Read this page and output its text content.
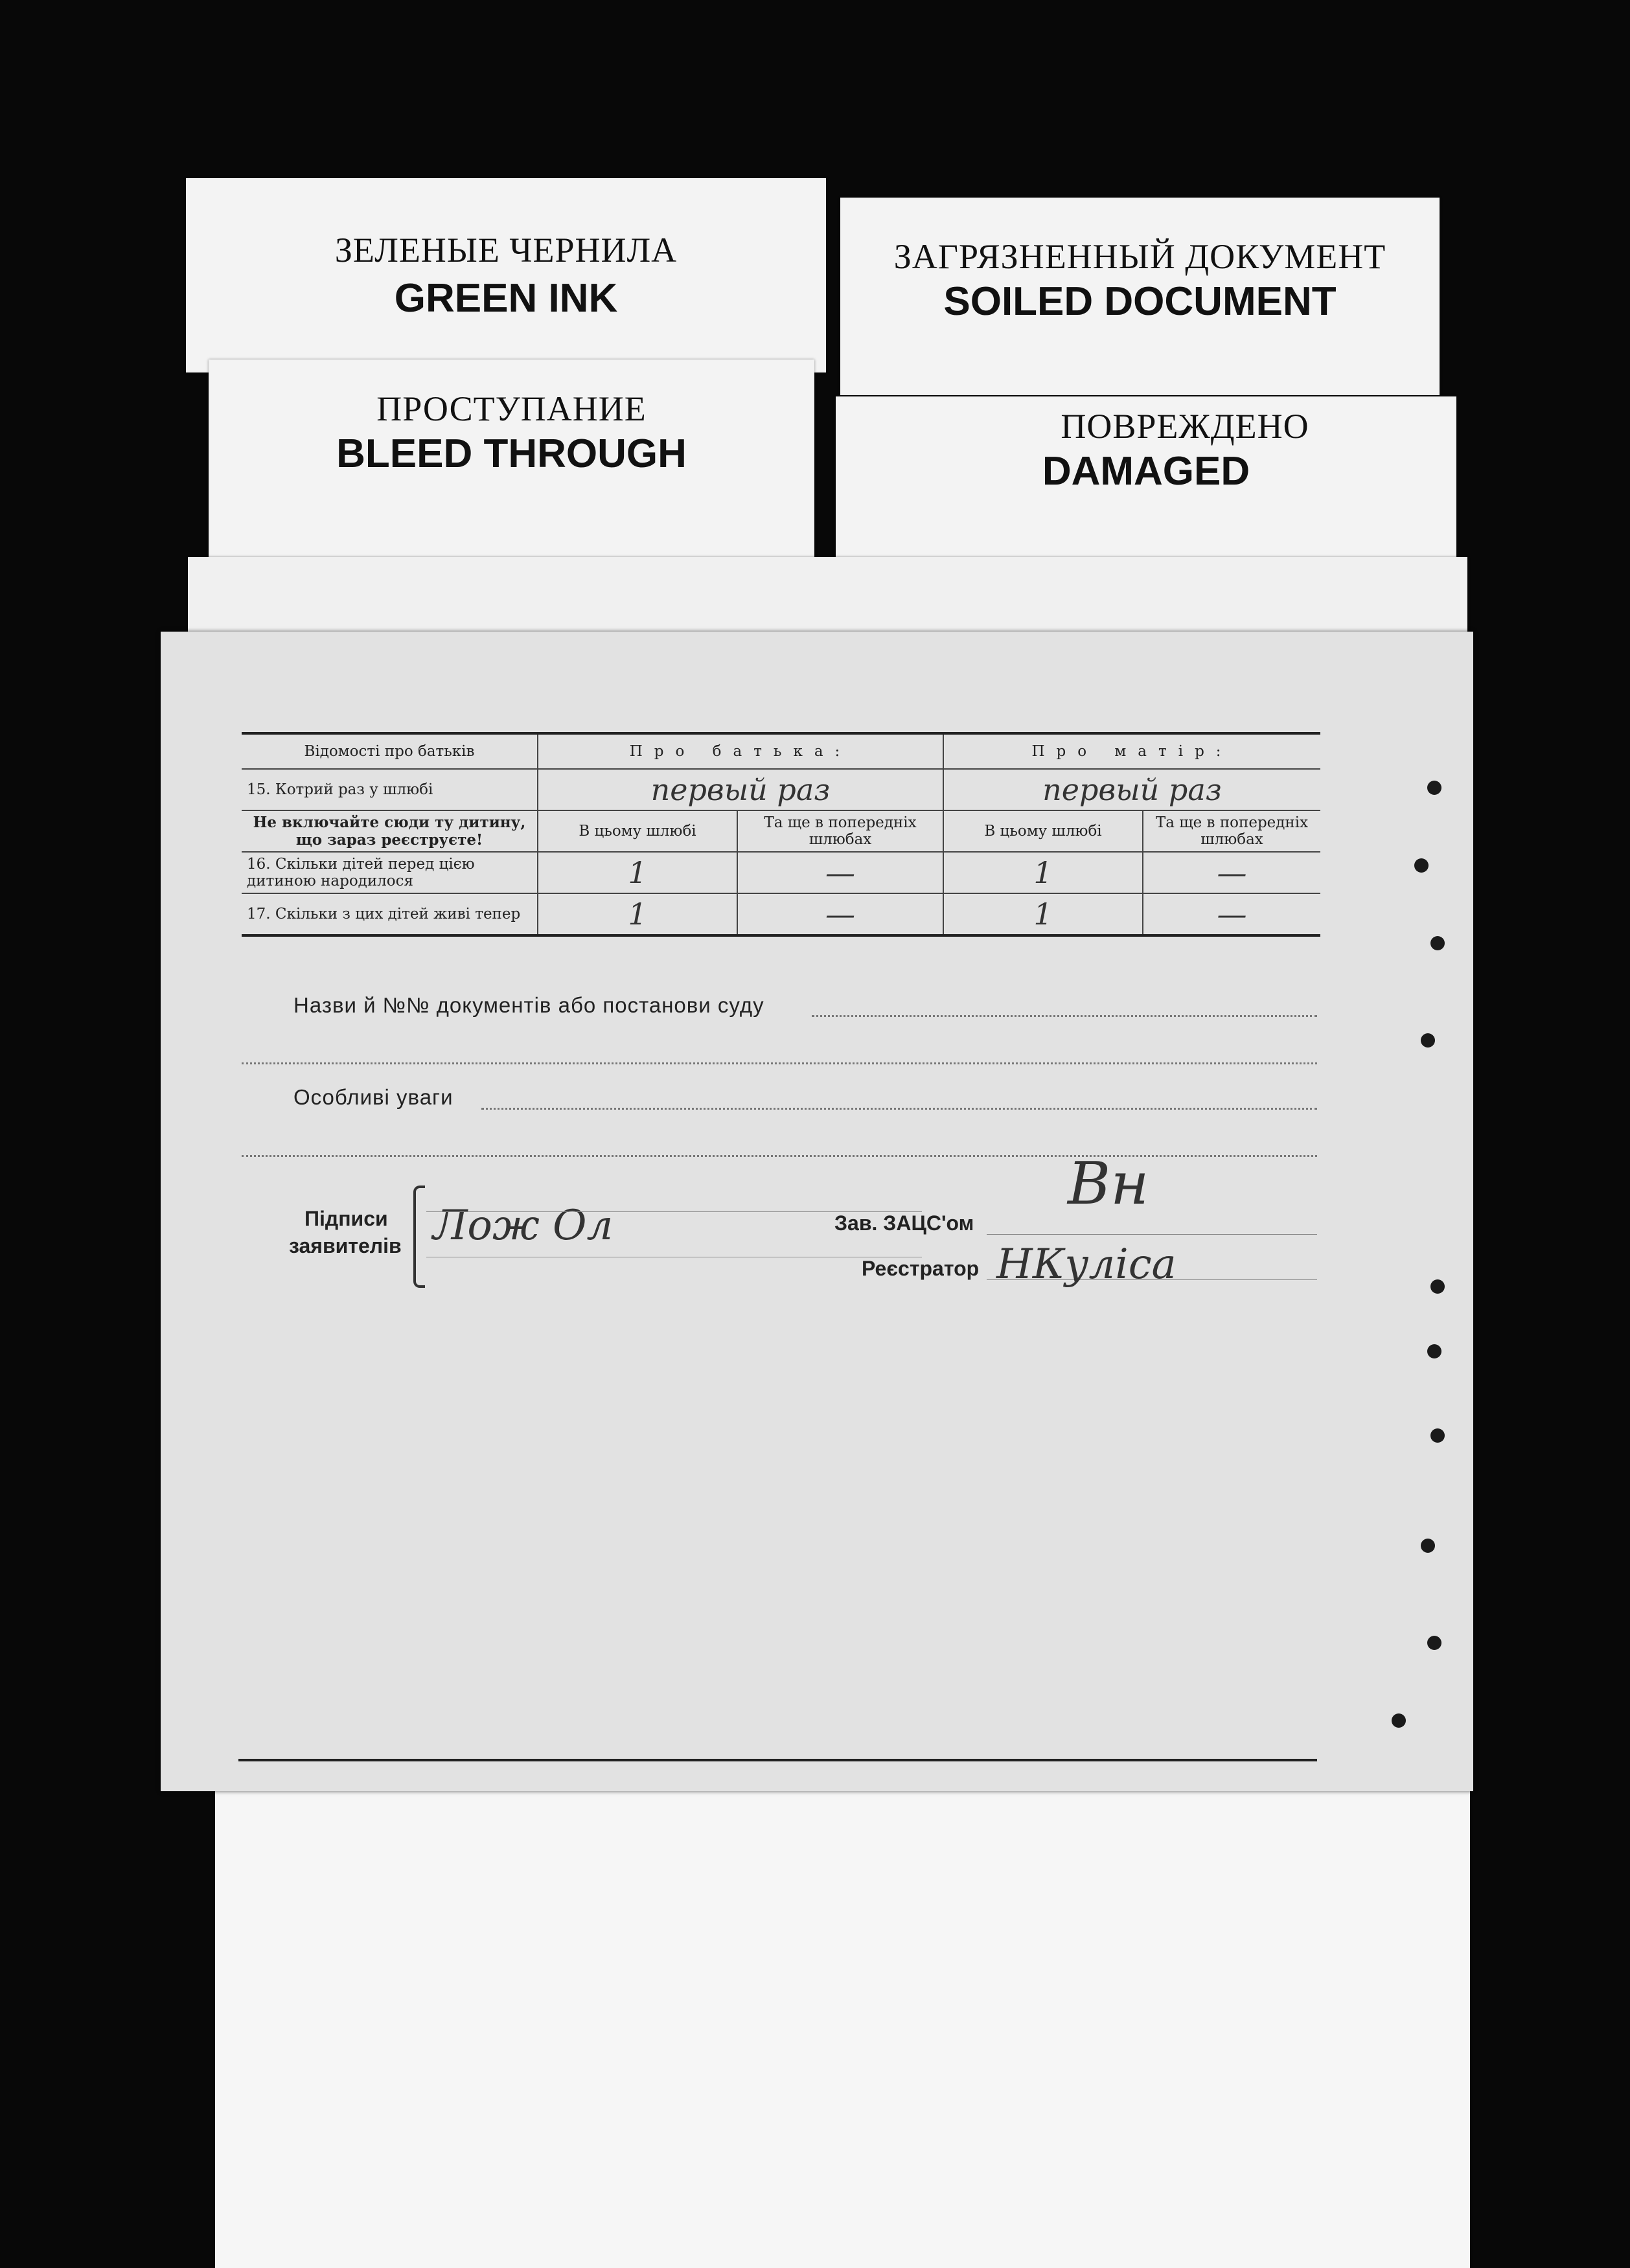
ЗЕЛЕНЫЕ ЧЕРНИЛА
GREEN INK
ЗАГРЯЗНЕННЫЙ ДОКУМЕНТ
SOILED DOCUMENT
ПРОСТУПАНИЕ
BLEED THROUGH
ПОВРЕЖДЕНО
DAMAGED
Відомості про батьків	Про батька:		Про матір:	
15. Котрий раз у шлюбі	первый раз		первый раз	
Не включайте сюди ту дитину, що зараз реєструєте!	В цьому шлюбі	Та ще в попередніх шлюбах	В цьому шлюбі	Та ще в попередніх шлюбах
16. Скільки дітей перед цією дитиною народилося	1	—	1	—
17. Скільки з цих дітей живі тепер	1	—	1	—
Назви й №№ документів або постанови суду
Особливі уваги
Підписи
заявителів Лож Ол	Зав. ЗАЦС'ом
Вн
Реєстратор НКуліса
